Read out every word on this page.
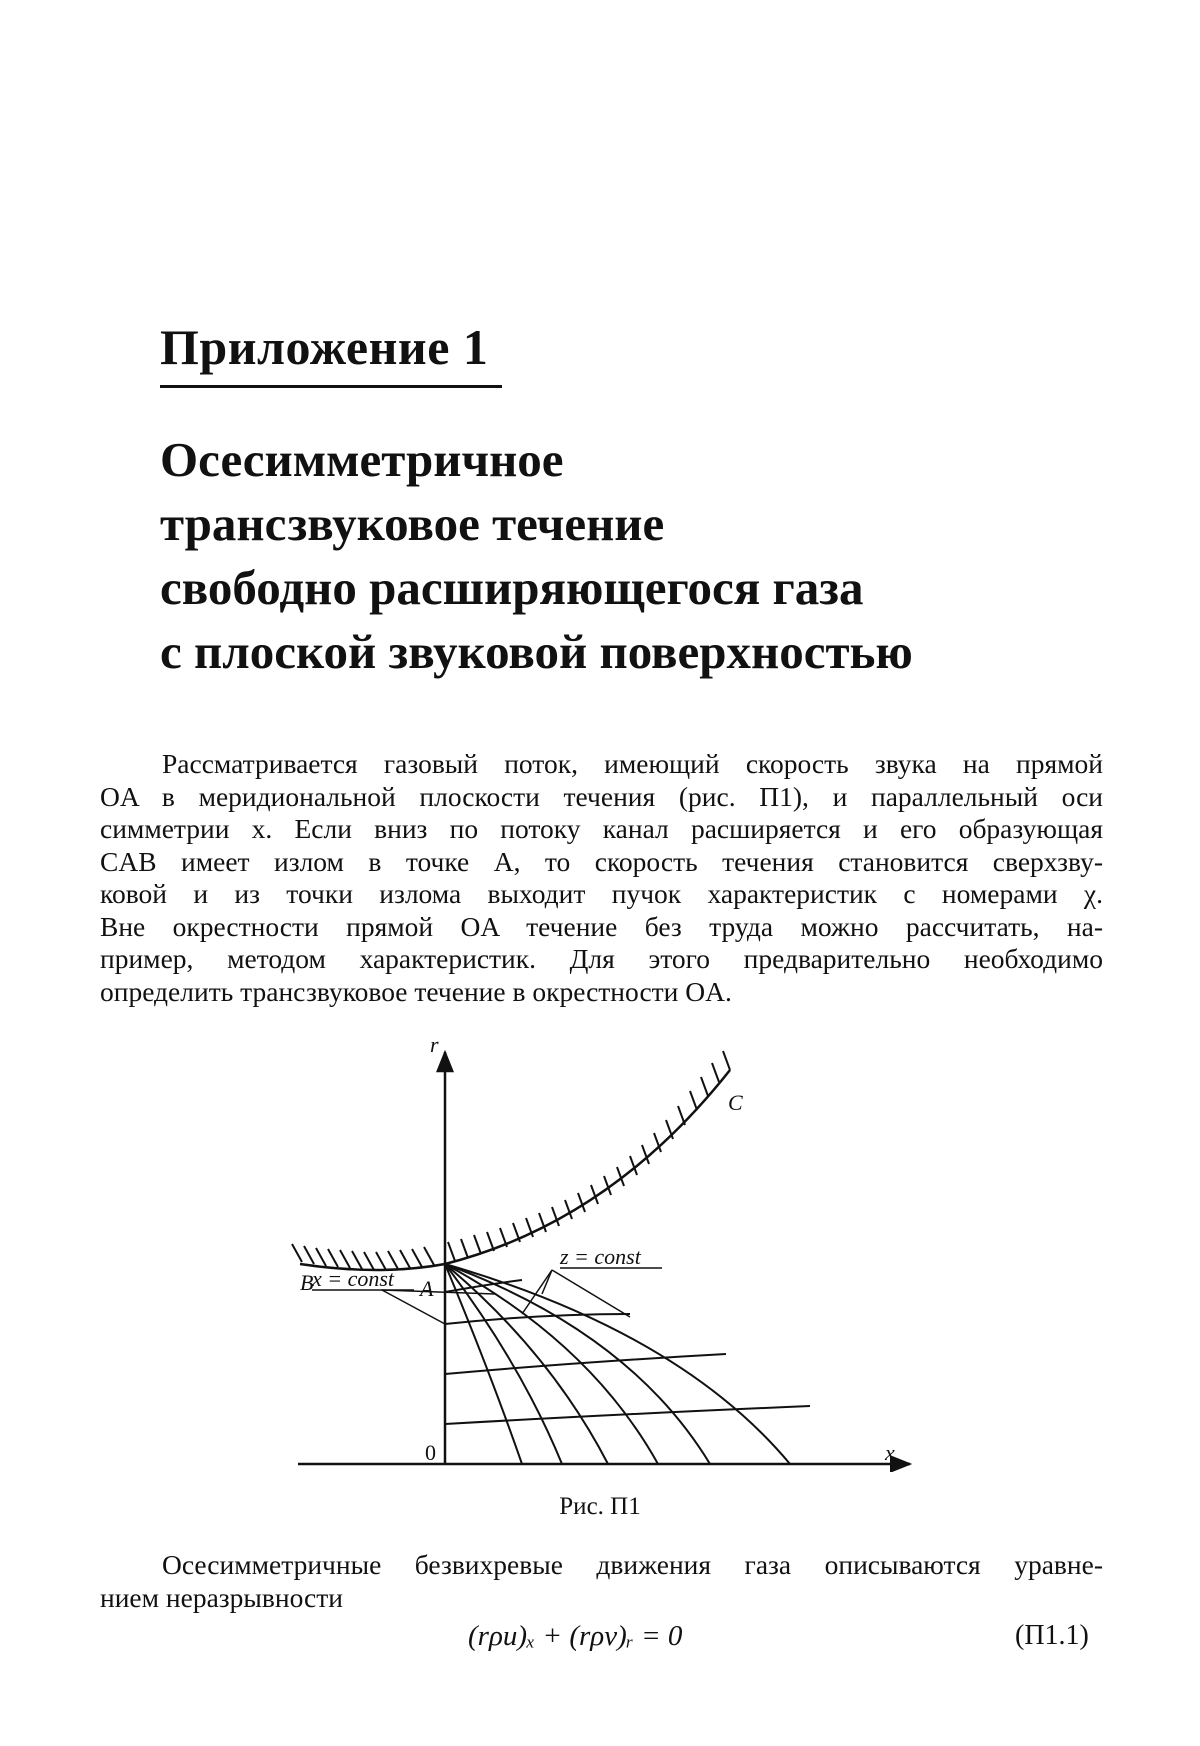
Приложение 1
Осесимметричное
трансзвуковое течение
свободно расширяющегося газа
с плоской звуковой поверхностью

Рассматривается газовый поток, имеющий скорость звука на прямой
OA в меридиональной плоскости течения (рис. П1), и параллельный оси
симметрии x. Если вниз по потоку канал расширяется и его образующая
CAB имеет излом в точке A, то скорость течения становится сверхзву-
ковой и из точки излома выходит пучок характеристик с номерами χ.
Вне окрестности прямой OA течение без труда можно рассчитать, на-
пример, методом характеристик. Для этого предварительно необходимо
определить трансзвуковое течение в окрестности OA.

r
x
0
A
B
C
z = const
x = const

Рис. П1

Осесимметричные безвихревые движения газа описываются уравне-
нием неразрывности

(rρu)ₓ + (rρv)ᵣ = 0	(П1.1)
